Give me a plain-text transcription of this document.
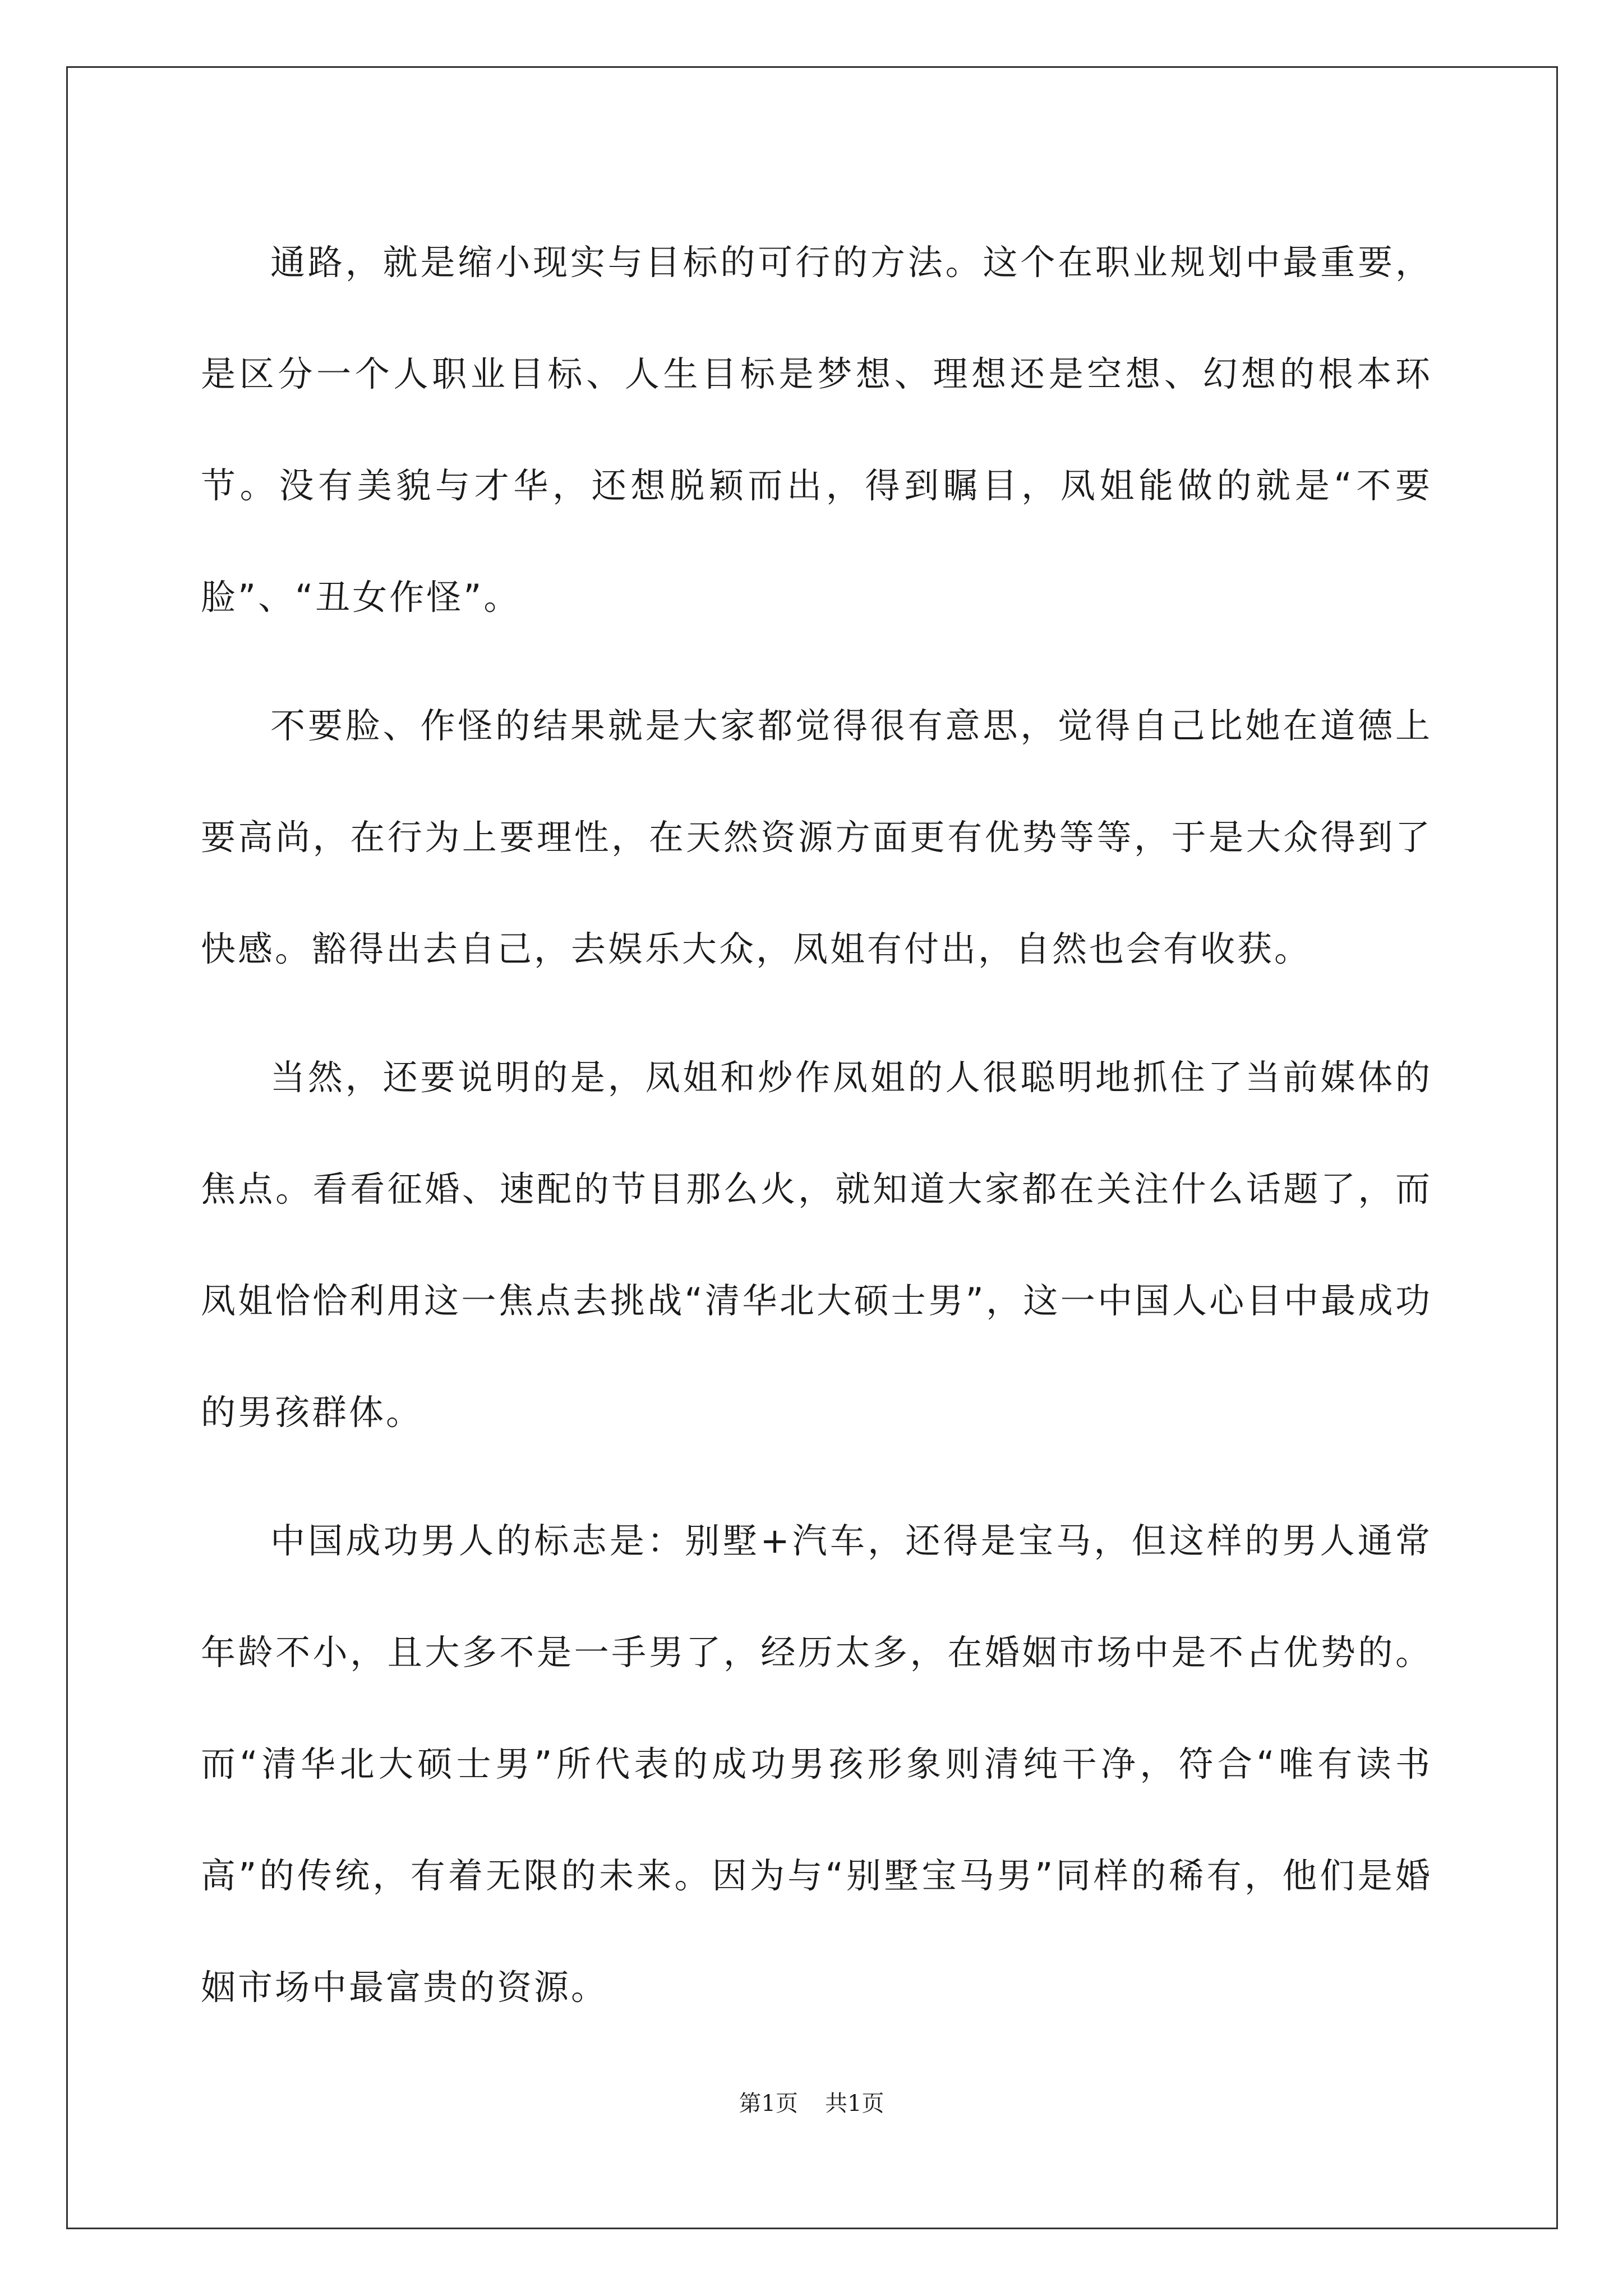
通路，就是缩小现实与目标的可行的方法。这个在职业规划中最重要，是区分一个人职业目标、人生目标是梦想、理想还是空想、幻想的根本环节。没有美貌与才华，还想脱颖而出，得到瞩目，凤姐能做的就是“不要脸”、“丑女作怪”。

不要脸、作怪的结果就是大家都觉得很有意思，觉得自己比她在道德上要高尚，在行为上要理性，在天然资源方面更有优势等等，于是大众得到了快感。豁得出去自己，去娱乐大众，凤姐有付出，自然也会有收获。

当然，还要说明的是，凤姐和炒作凤姐的人很聪明地抓住了当前媒体的焦点。看看征婚、速配的节目那么火，就知道大家都在关注什么话题了，而凤姐恰恰利用这一焦点去挑战“清华北大硕士男”，这一中国人心目中最成功的男孩群体。

中国成功男人的标志是：别墅+汽车，还得是宝马，但这样的男人通常年龄不小，且大多不是一手男了，经历太多，在婚姻市场中是不占优势的。而“清华北大硕士男”所代表的成功男孩形象则清纯干净，符合“唯有读书高”的传统，有着无限的未来。因为与“别墅宝马男”同样的稀有，他们是婚姻市场中最富贵的资源。

第1页 共1页
